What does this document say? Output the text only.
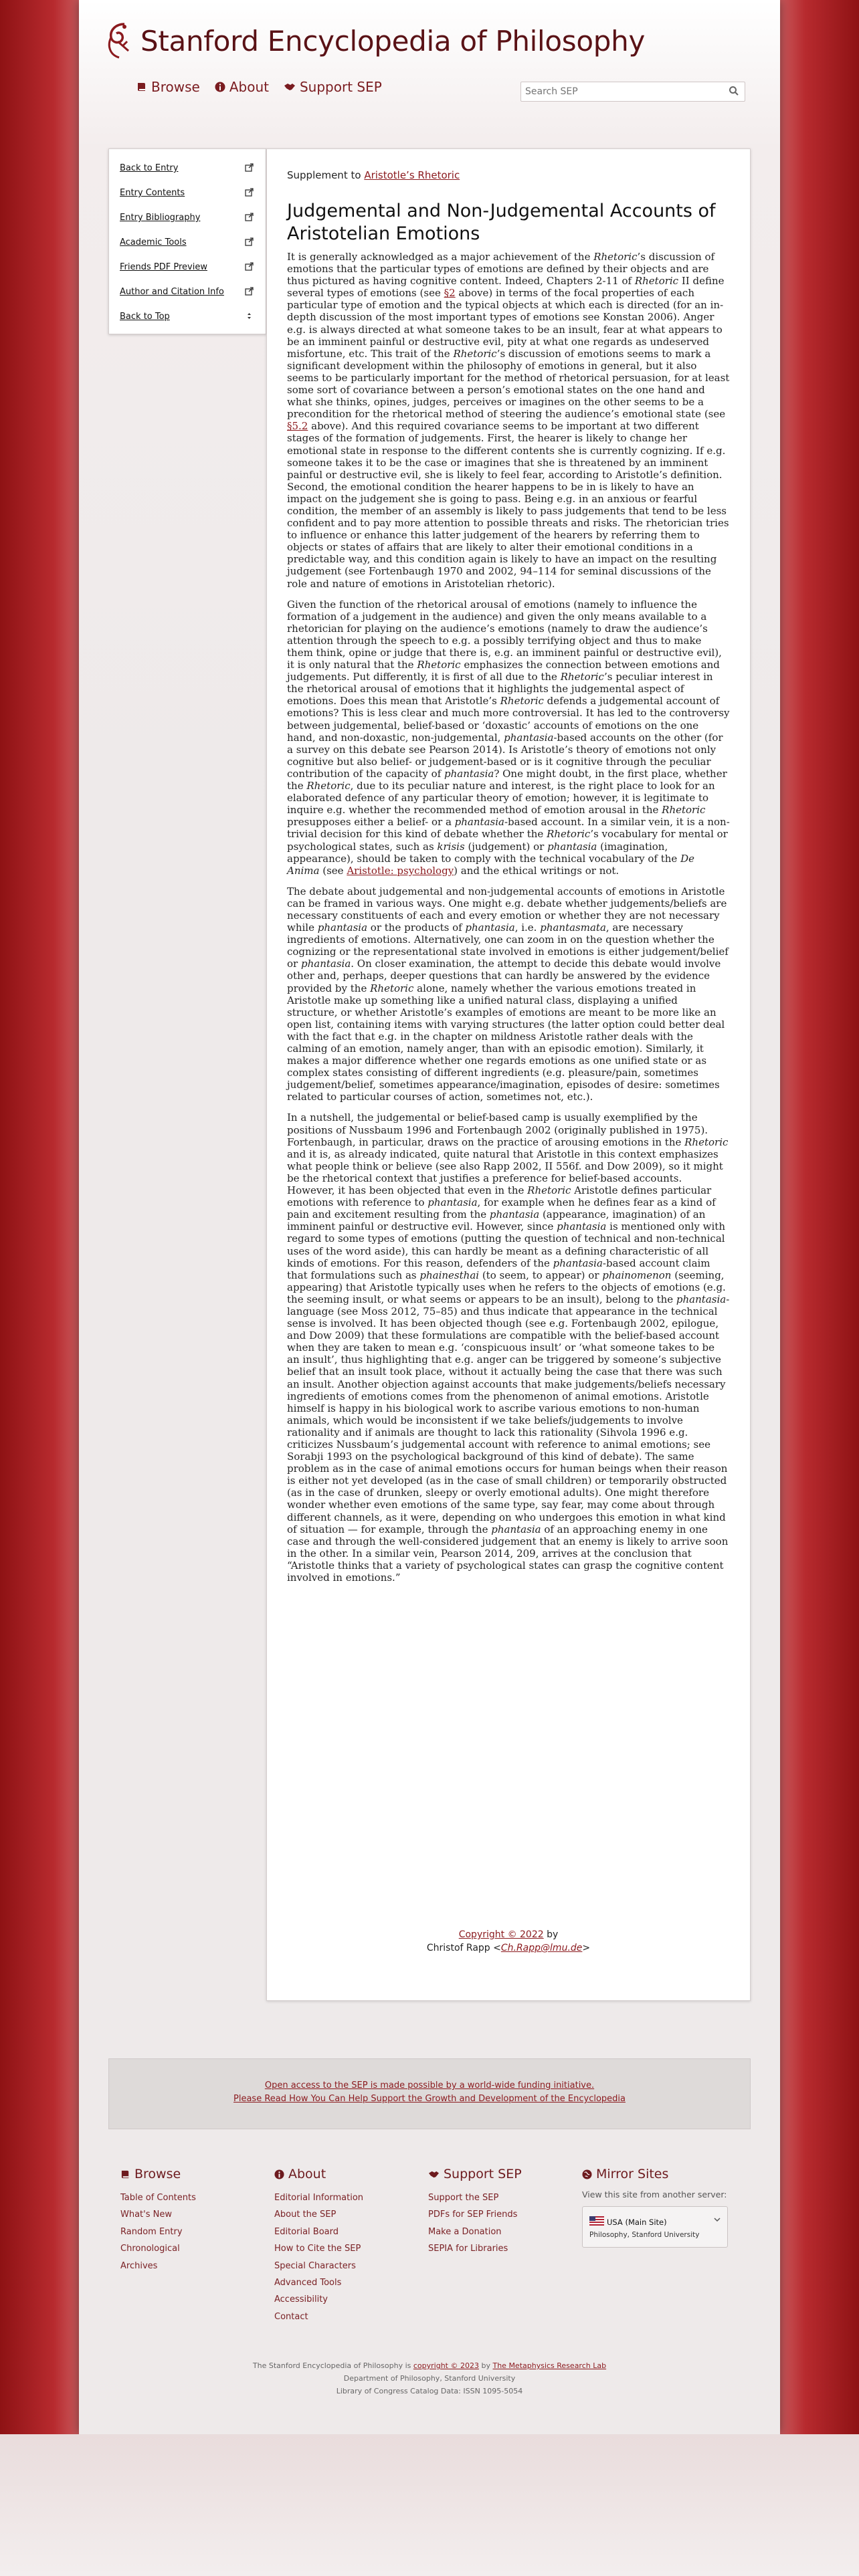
Stanford Encyclopedia of Philosophy
Browse About Support SEP
Search SEP
Back to Entry
Entry Contents
Entry Bibliography
Academic Tools
Friends PDF Preview
Author and Citation Info
Back to Top
Supplement to Aristotle’s Rhetoric
Judgemental and Non-Judgemental Accounts of Aristotelian Emotions

It is generally acknowledged as a major achievement of the Rhetoric’s discussion of emotions that the particular types of emotions are defined by their objects and are thus pictured as having cognitive content. Indeed, Chapters 2-11 of Rhetoric II define several types of emotions (see §2 above) in terms of the focal properties of each particular type of emotion and the typical objects at which each is directed (for an in-depth discussion of the most important types of emotions see Konstan 2006). Anger e.g. is always directed at what someone takes to be an insult, fear at what appears to be an imminent painful or destructive evil, pity at what one regards as undeserved misfortune, etc. This trait of the Rhetoric’s discussion of emotions seems to mark a significant development within the philosophy of emotions in general, but it also seems to be particularly important for the method of rhetorical persuasion, for at least some sort of covariance between a person’s emotional states on the one hand and what she thinks, opines, judges, perceives or imagines on the other seems to be a precondition for the rhetorical method of steering the audience’s emotional state (see §5.2 above). And this required covariance seems to be important at two different stages of the formation of judgements. First, the hearer is likely to change her emotional state in response to the different contents she is currently cognizing. If e.g. someone takes it to be the case or imagines that she is threatened by an imminent painful or destructive evil, she is likely to feel fear, according to Aristotle’s definition. Second, the emotional condition the hearer happens to be in is likely to have an impact on the judgement she is going to pass. Being e.g. in an anxious or fearful condition, the member of an assembly is likely to pass judgements that tend to be less confident and to pay more attention to possible threats and risks. The rhetorician tries to influence or enhance this latter judgement of the hearers by referring them to objects or states of affairs that are likely to alter their emotional conditions in a predictable way, and this condition again is likely to have an impact on the resulting judgement (see Fortenbaugh 1970 and 2002, 94–114 for seminal discussions of the role and nature of emotions in Aristotelian rhetoric).

Given the function of the rhetorical arousal of emotions (namely to influence the formation of a judgement in the audience) and given the only means available to a rhetorician for playing on the audience’s emotions (namely to draw the audience’s attention through the speech to e.g. a possibly terrifying object and thus to make them think, opine or judge that there is, e.g. an imminent painful or destructive evil), it is only natural that the Rhetoric emphasizes the connection between emotions and judgements. Put differently, it is first of all due to the Rhetoric’s peculiar interest in the rhetorical arousal of emotions that it highlights the judgemental aspect of emotions. Does this mean that Aristotle’s Rhetoric defends a judgemental account of emotions? This is less clear and much more controversial. It has led to the controversy between judgemental, belief-based or ‘doxastic’ accounts of emotions on the one hand, and non-doxastic, non-judgemental, phantasia-based accounts on the other (for a survey on this debate see Pearson 2014). Is Aristotle’s theory of emotions not only cognitive but also belief- or judgement-based or is it cognitive through the peculiar contribution of the capacity of phantasia? One might doubt, in the first place, whether the Rhetoric, due to its peculiar nature and interest, is the right place to look for an elaborated defence of any particular theory of emotion; however, it is legitimate to inquire e.g. whether the recommended method of emotion arousal in the Rhetoric presupposes either a belief- or a phantasia-based account. In a similar vein, it is a non-trivial decision for this kind of debate whether the Rhetoric’s vocabulary for mental or psychological states, such as krisis (judgement) or phantasia (imagination, appearance), should be taken to comply with the technical vocabulary of the De Anima (see Aristotle: psychology) and the ethical writings or not.

The debate about judgemental and non-judgemental accounts of emotions in Aristotle can be framed in various ways. One might e.g. debate whether judgements/beliefs are necessary constituents of each and every emotion or whether they are not necessary while phantasia or the products of phantasia, i.e. phantasmata, are necessary ingredients of emotions. Alternatively, one can zoom in on the question whether the cognizing or the representational state involved in emotions is either judgement/belief or phantasia. On closer examination, the attempt to decide this debate would involve other and, perhaps, deeper questions that can hardly be answered by the evidence provided by the Rhetoric alone, namely whether the various emotions treated in Aristotle make up something like a unified natural class, displaying a unified structure, or whether Aristotle’s examples of emotions are meant to be more like an open list, containing items with varying structures (the latter option could better deal with the fact that e.g. in the chapter on mildness Aristotle rather deals with the calming of an emotion, namely anger, than with an episodic emotion). Similarly, it makes a major difference whether one regards emotions as one unified state or as complex states consisting of different ingredients (e.g. pleasure/pain, sometimes judgement/belief, sometimes appearance/imagination, episodes of desire: sometimes related to particular courses of action, sometimes not, etc.).

In a nutshell, the judgemental or belief-based camp is usually exemplified by the positions of Nussbaum 1996 and Fortenbaugh 2002 (originally published in 1975). Fortenbaugh, in particular, draws on the practice of arousing emotions in the Rhetoric and it is, as already indicated, quite natural that Aristotle in this context emphasizes what people think or believe (see also Rapp 2002, II 556f. and Dow 2009), so it might be the rhetorical context that justifies a preference for belief-based accounts. However, it has been objected that even in the Rhetoric Aristotle defines particular emotions with reference to phantasia, for example when he defines fear as a kind of pain and excitement resulting from the phantasia (appearance, imagination) of an imminent painful or destructive evil. However, since phantasia is mentioned only with regard to some types of emotions (putting the question of technical and non-technical uses of the word aside), this can hardly be meant as a defining characteristic of all kinds of emotions. For this reason, defenders of the phantasia-based account claim that formulations such as phainesthai (to seem, to appear) or phainomenon (seeming, appearing) that Aristotle typically uses when he refers to the objects of emotions (e.g. the seeming insult, or what seems or appears to be an insult), belong to the phantasia-language (see Moss 2012, 75–85) and thus indicate that appearance in the technical sense is involved. It has been objected though (see e.g. Fortenbaugh 2002, epilogue, and Dow 2009) that these formulations are compatible with the belief-based account when they are taken to mean e.g. ‘conspicuous insult’ or ‘what someone takes to be an insult’, thus highlighting that e.g. anger can be triggered by someone’s subjective belief that an insult took place, without it actually being the case that there was such an insult. Another objection against accounts that make judgements/beliefs necessary ingredients of emotions comes from the phenomenon of animal emotions. Aristotle himself is happy in his biological work to ascribe various emotions to non-human animals, which would be inconsistent if we take beliefs/judgements to involve rationality and if animals are thought to lack this rationality (Sihvola 1996 e.g. criticizes Nussbaum’s judgemental account with reference to animal emotions; see Sorabji 1993 on the psychological background of this kind of debate). The same problem as in the case of animal emotions occurs for human beings when their reason is either not yet developed (as in the case of small children) or temporarily obstructed (as in the case of drunken, sleepy or overly emotional adults). One might therefore wonder whether even emotions of the same type, say fear, may come about through different channels, as it were, depending on who undergoes this emotion in what kind of situation — for example, through the phantasia of an approaching enemy in one case and through the well-considered judgement that an enemy is likely to arrive soon in the other. In a similar vein, Pearson 2014, 209, arrives at the conclusion that “Aristotle thinks that a variety of psychological states can grasp the cognitive content involved in emotions.”

Copyright © 2022 by
Christof Rapp <Ch.Rapp@lmu.de>
Open access to the SEP is made possible by a world-wide funding initiative.
Please Read How You Can Help Support the Growth and Development of the Encyclopedia
Browse
Table of Contents
What's New
Random Entry
Chronological
Archives
About
Editorial Information
About the SEP
Editorial Board
How to Cite the SEP
Special Characters
Advanced Tools
Accessibility
Contact
Support SEP
Support the SEP
PDFs for SEP Friends
Make a Donation
SEPIA for Libraries
Mirror Sites
View this site from another server:
USA (Main Site)
Philosophy, Stanford University
The Stanford Encyclopedia of Philosophy is copyright © 2023 by The Metaphysics Research Lab
Department of Philosophy, Stanford University
Library of Congress Catalog Data: ISSN 1095-5054
